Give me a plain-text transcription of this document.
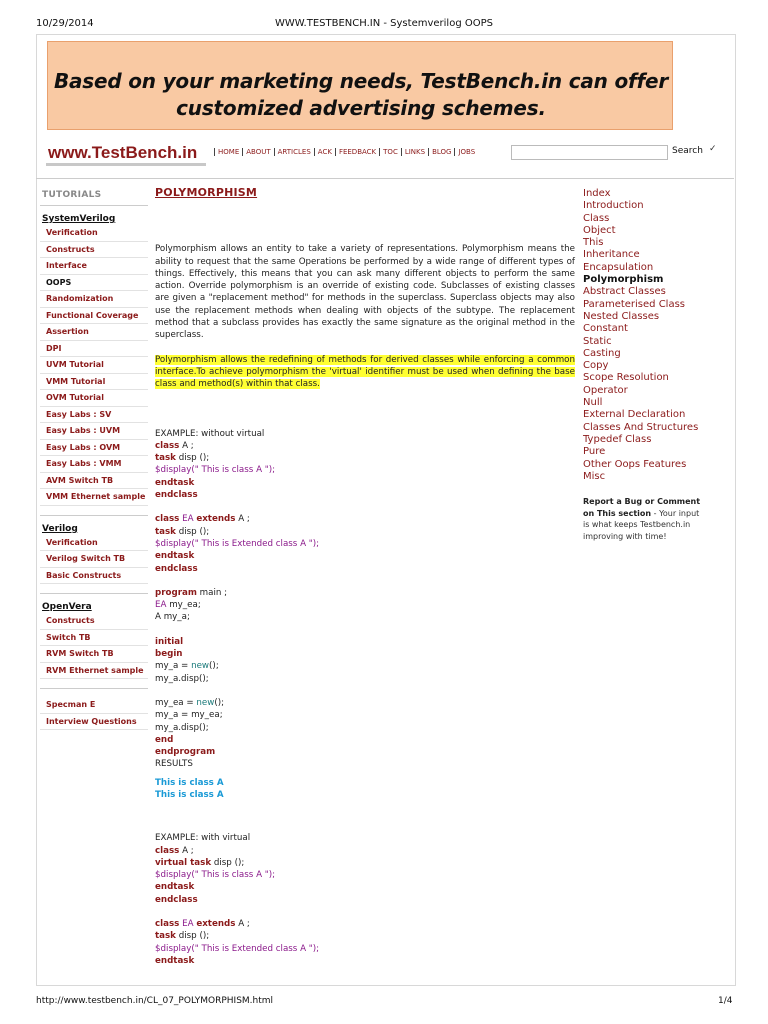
10/29/2014	WWW.TESTBENCH.IN - Systemverilog OOPS
Based on your marketing needs, TestBench.in can offer
customized advertising schemes.
www.TestBench.in	HOME	ABOUT	ARTICLES	ACK	FEEDBACK	TOC	LINKS	BLOG	JOBS	Search ✓
TUTORIALS
SystemVerilog
Verification
Constructs
Interface
OOPS
Randomization
Functional Coverage
Assertion
DPI
UVM Tutorial
VMM Tutorial
OVM Tutorial
Easy Labs : SV
Easy Labs : UVM
Easy Labs : OVM
Easy Labs : VMM
AVM Switch TB
VMM Ethernet sample
Verilog
Verification
Verilog Switch TB
Basic Constructs
OpenVera
Constructs
Switch TB
RVM Switch TB
RVM Ethernet sample
Specman E
Interview Questions
POLYMORPHISM

Polymorphism allows an entity to take a variety of representations. Polymorphism means the ability to request that the same Operations be performed by a wide range of different types of things. Effectively, this means that you can ask many different objects to perform the same action. Override polymorphism is an override of existing code. Subclasses of existing classes are given a "replacement method" for methods in the superclass. Superclass objects may also use the replacement methods when dealing with objects of the subtype. The replacement method that a subclass provides has exactly the same signature as the original method in the superclass.

Polymorphism allows the redefining of methods for derived classes while enforcing a common interface.To achieve polymorphism the 'virtual' identifier must be used when defining the base class and method(s) within that class.

EXAMPLE: without virtual
class A ;
task disp ();
$display(" This is class A ");
endtask
endclass
class EA extends A ;
task disp ();
$display(" This is Extended class A ");
endtask
endclass
program main ;
EA my_ea;
A my_a;
initial
begin
my_a = new();
my_a.disp();
my_ea = new();
my_a = my_ea;
my_a.disp();
end
endprogram
RESULTS
This is class A
This is class A
EXAMPLE: with virtual
class A ;
virtual task disp ();
$display(" This is class A ");
endtask
endclass
class EA extends A ;
task disp ();
$display(" This is Extended class A ");
endtask
Index
Introduction
Class
Object
This
Inheritance
Encapsulation
Polymorphism
Abstract Classes
Parameterised Class
Nested Classes
Constant
Static
Casting
Copy
Scope Resolution Operator
Null
External Declaration
Classes And Structures
Typedef Class
Pure
Other Oops Features
Misc
Report a Bug or Comment on This section - Your input is what keeps Testbench.in improving with time!
http://www.testbench.in/CL_07_POLYMORPHISM.html	1/4
